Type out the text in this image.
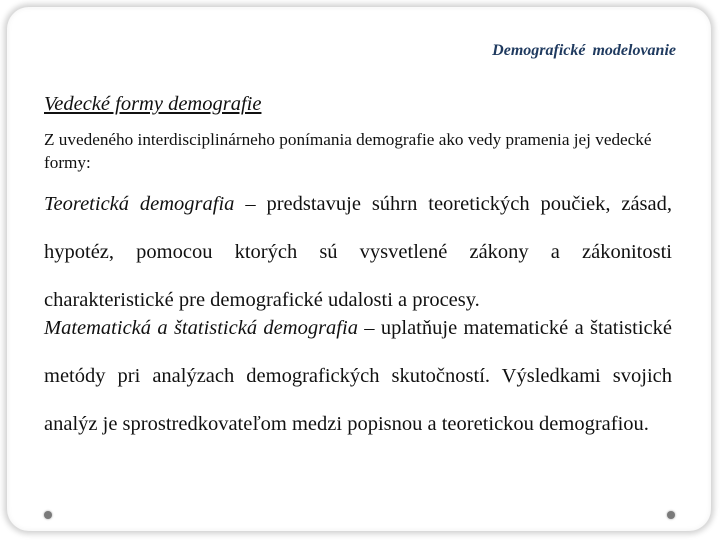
Demografické modelovanie
Vedecké formy demografie
Z uvedeného interdisciplinárneho ponímania demografie ako vedy pramenia jej vedecké formy:
Teoretická demografia – predstavuje súhrn teoretických poučiek, zásad, hypotéz, pomocou ktorých sú vysvetlené zákony a zákonitosti charakteristické pre demografické udalosti a procesy.
Matematická a štatistická demografia – uplatňuje matematické a štatistické metódy pri analýzach demografických skutočností. Výsledkami svojich analýz je sprostredkovateľom medzi popisnou a teoretickou demografiou.
